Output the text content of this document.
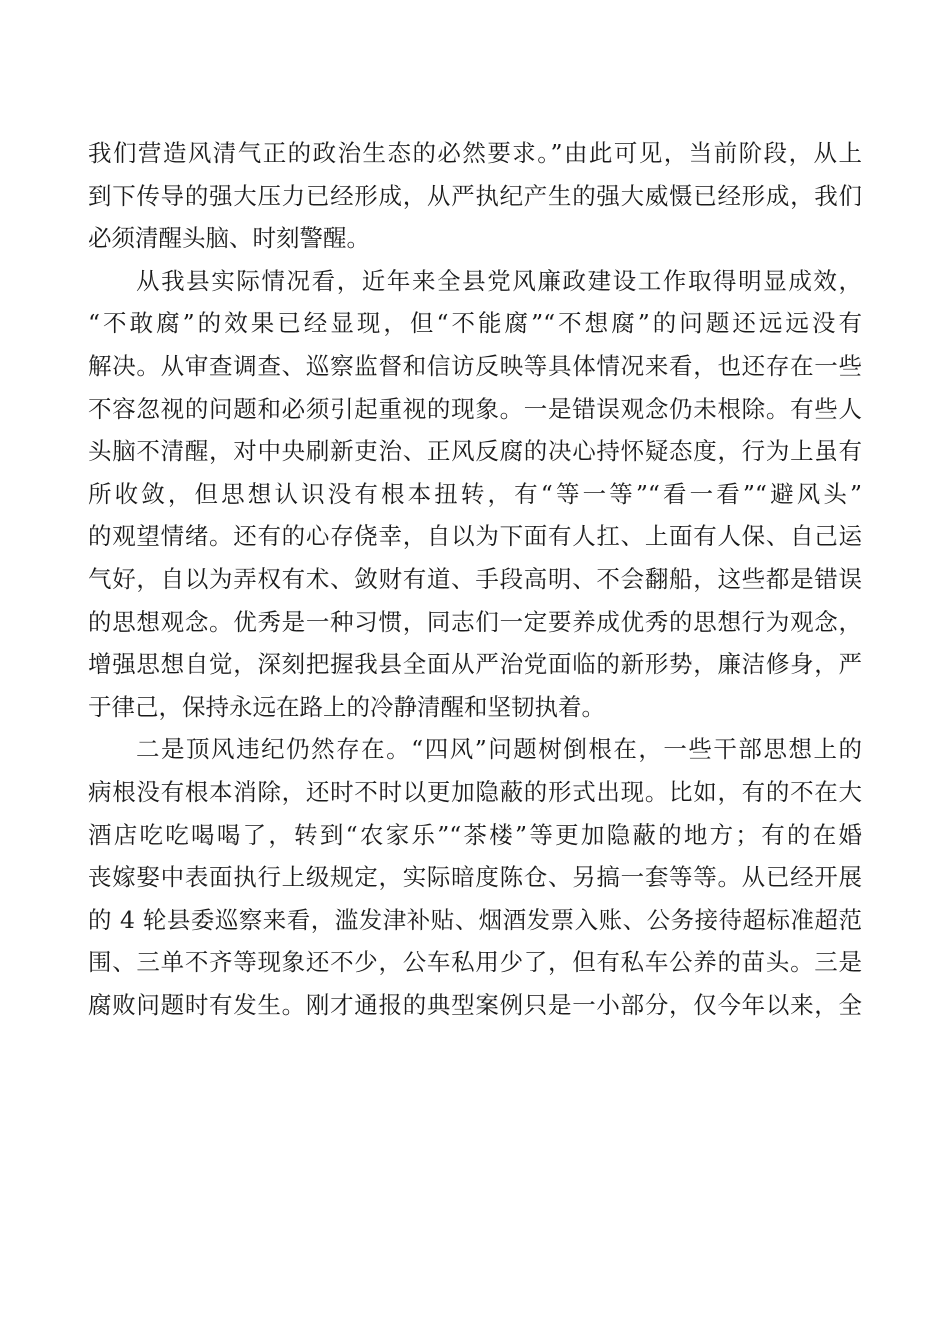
我们营造风清气正的政治生态的必然要求。”由此可见，当前阶段，从上
到下传导的强大压力已经形成，从严执纪产生的强大威慑已经形成，我们
必须清醒头脑、时刻警醒。
从我县实际情况看，近年来全县党风廉政建设工作取得明显成效，
“不敢腐”的效果已经显现，但“不能腐”“不想腐”的问题还远远没有
解决。从审查调查、巡察监督和信访反映等具体情况来看，也还存在一些
不容忽视的问题和必须引起重视的现象。一是错误观念仍未根除。有些人
头脑不清醒，对中央刷新吏治、正风反腐的决心持怀疑态度，行为上虽有
所收敛，但思想认识没有根本扭转，有“等一等”“看一看”“避风头”
的观望情绪。还有的心存侥幸，自以为下面有人扛、上面有人保、自己运
气好，自以为弄权有术、敛财有道、手段高明、不会翻船，这些都是错误
的思想观念。优秀是一种习惯，同志们一定要养成优秀的思想行为观念，
增强思想自觉，深刻把握我县全面从严治党面临的新形势，廉洁修身，严
于律己，保持永远在路上的冷静清醒和坚韧执着。
二是顶风违纪仍然存在。“四风”问题树倒根在，一些干部思想上的
病根没有根本消除，还时不时以更加隐蔽的形式出现。比如，有的不在大
酒店吃吃喝喝了，转到“农家乐”“茶楼”等更加隐蔽的地方；有的在婚
丧嫁娶中表面执行上级规定，实际暗度陈仓、另搞一套等等。从已经开展
的 4 轮县委巡察来看，滥发津补贴、烟酒发票入账、公务接待超标准超范
围、三单不齐等现象还不少，公车私用少了，但有私车公养的苗头。三是
腐败问题时有发生。刚才通报的典型案例只是一小部分，仅今年以来，全
